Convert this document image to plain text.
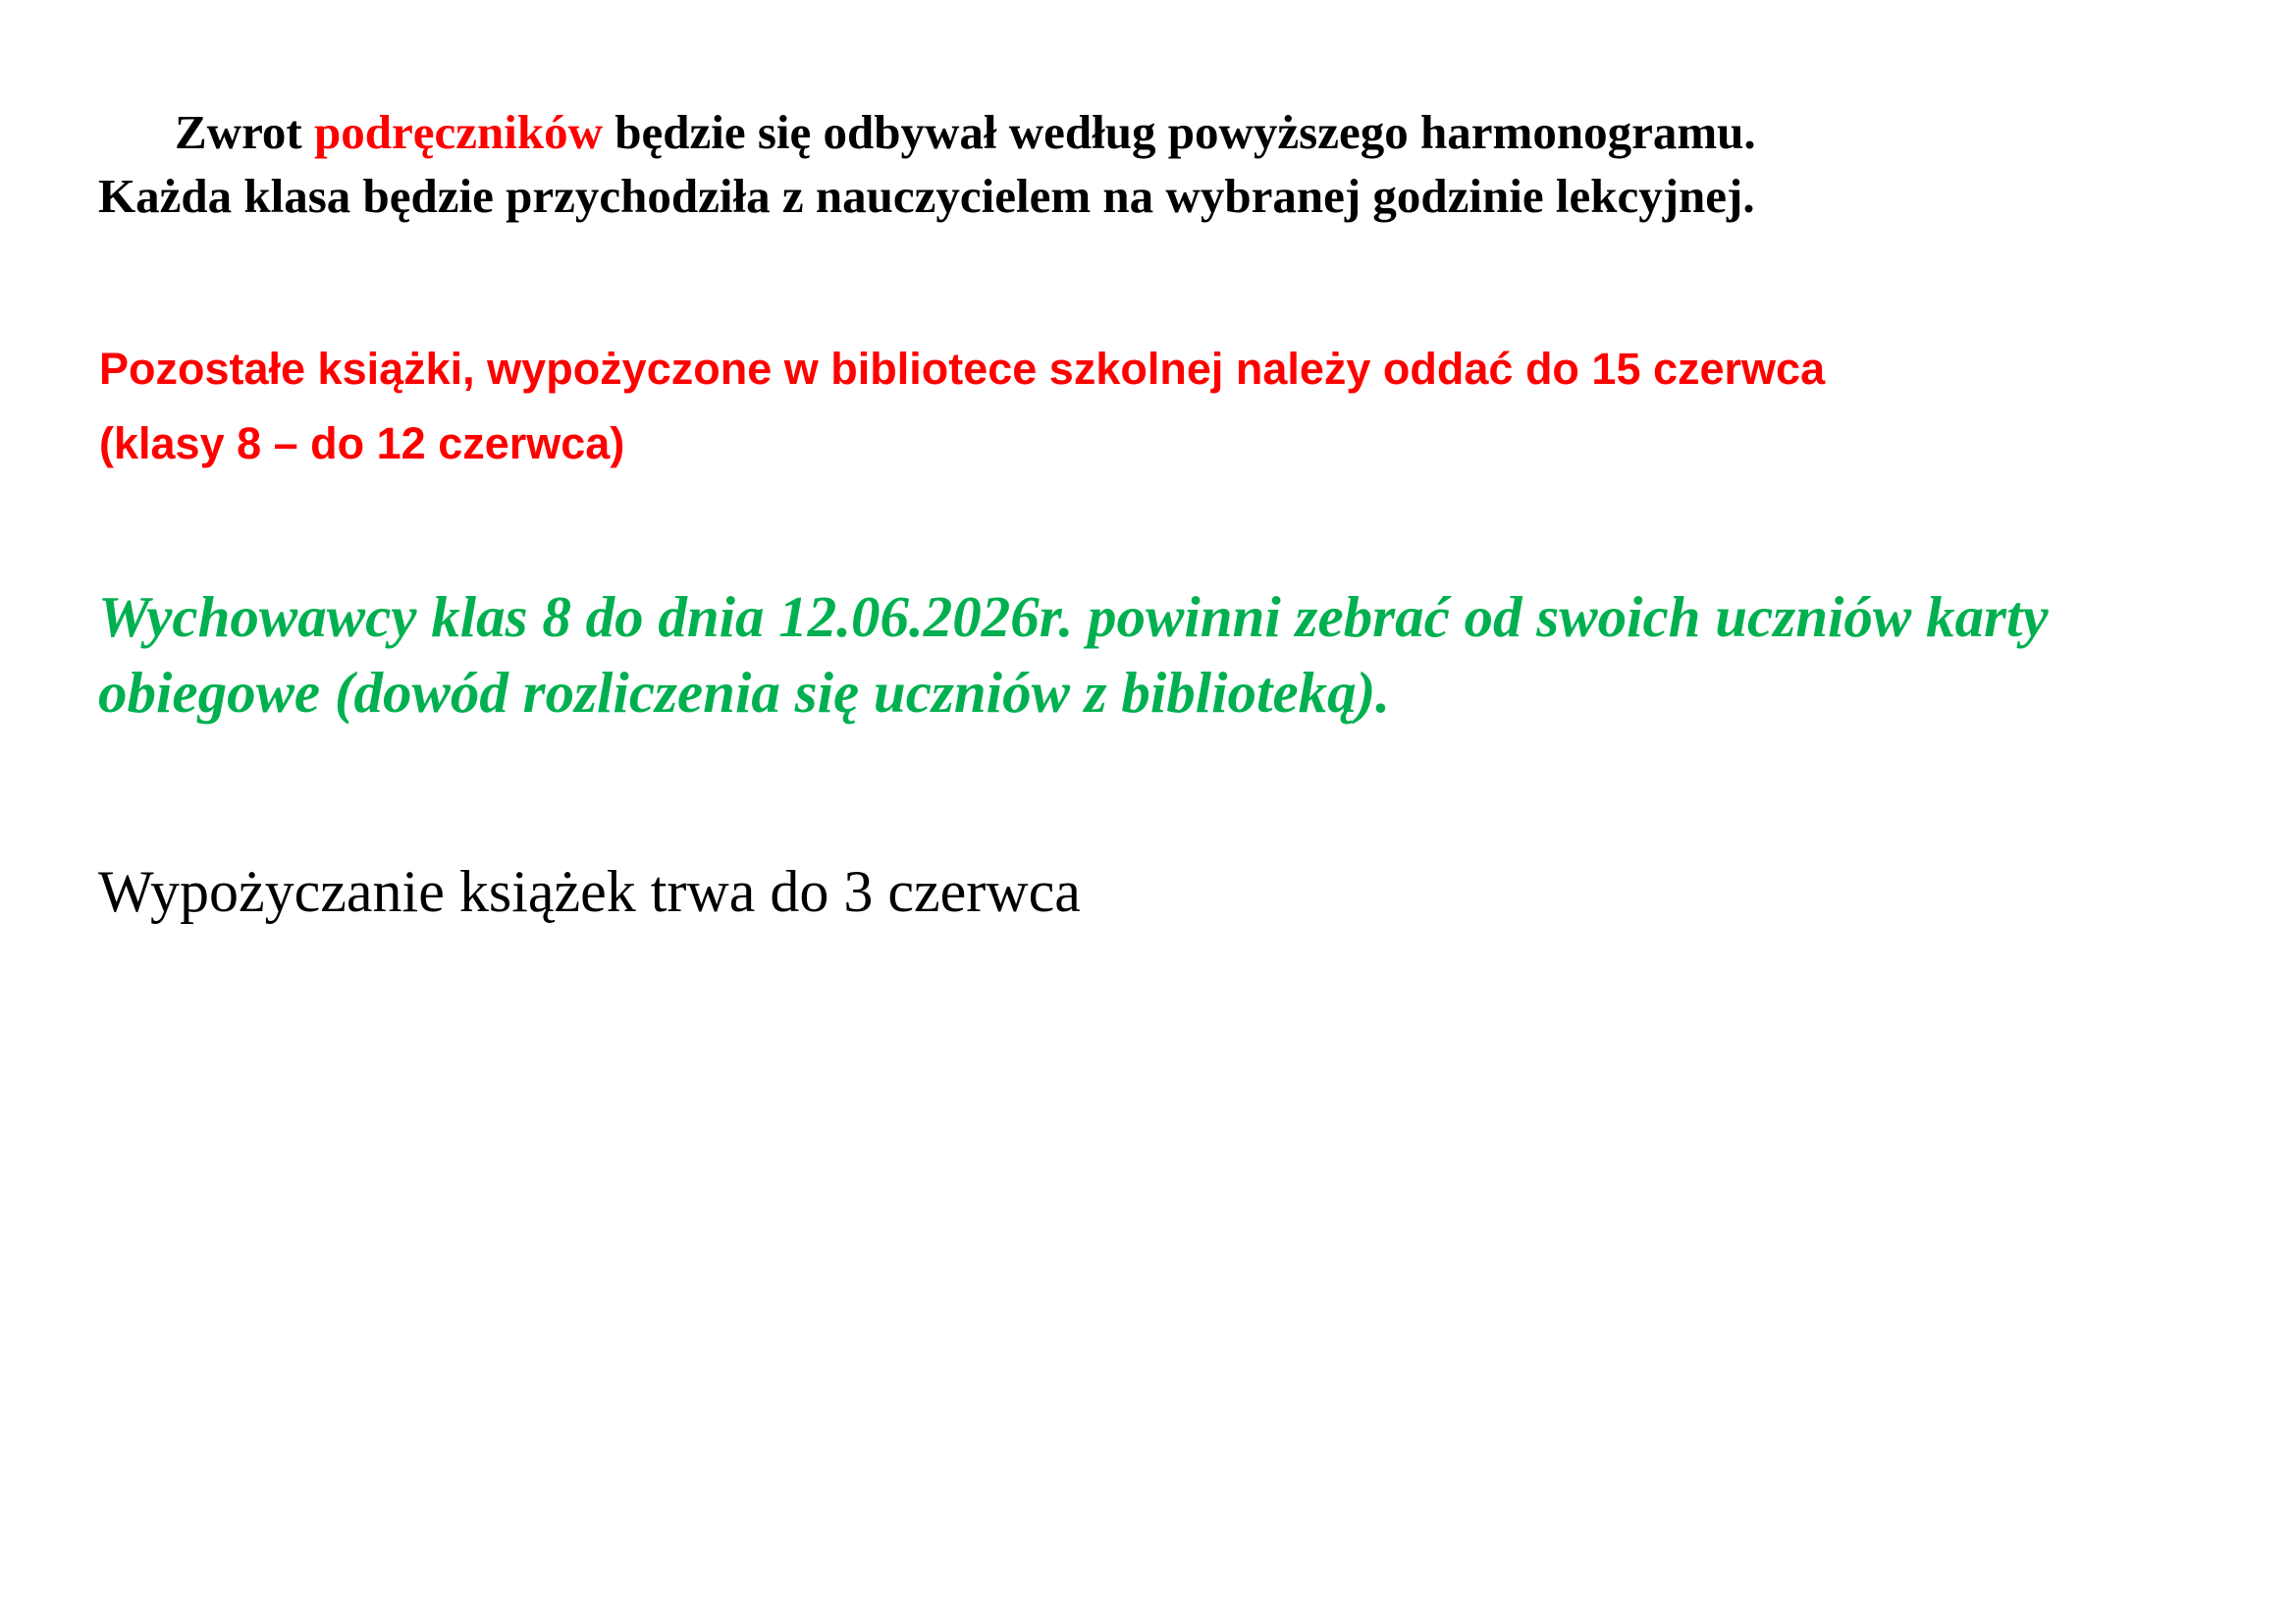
Zwrot podręczników będzie się odbywał według powyższego harmonogramu.
Każda klasa będzie przychodziła z nauczycielem na wybranej godzinie lekcyjnej.
Pozostałe książki, wypożyczone w bibliotece szkolnej należy oddać do 15 czerwca
(klasy 8 – do 12 czerwca)
Wychowawcy klas 8 do dnia 12.06.2026r. powinni zebrać od swoich uczniów karty
obiegowe (dowód rozliczenia się uczniów z biblioteką).
Wypożyczanie książek trwa do 3 czerwca
